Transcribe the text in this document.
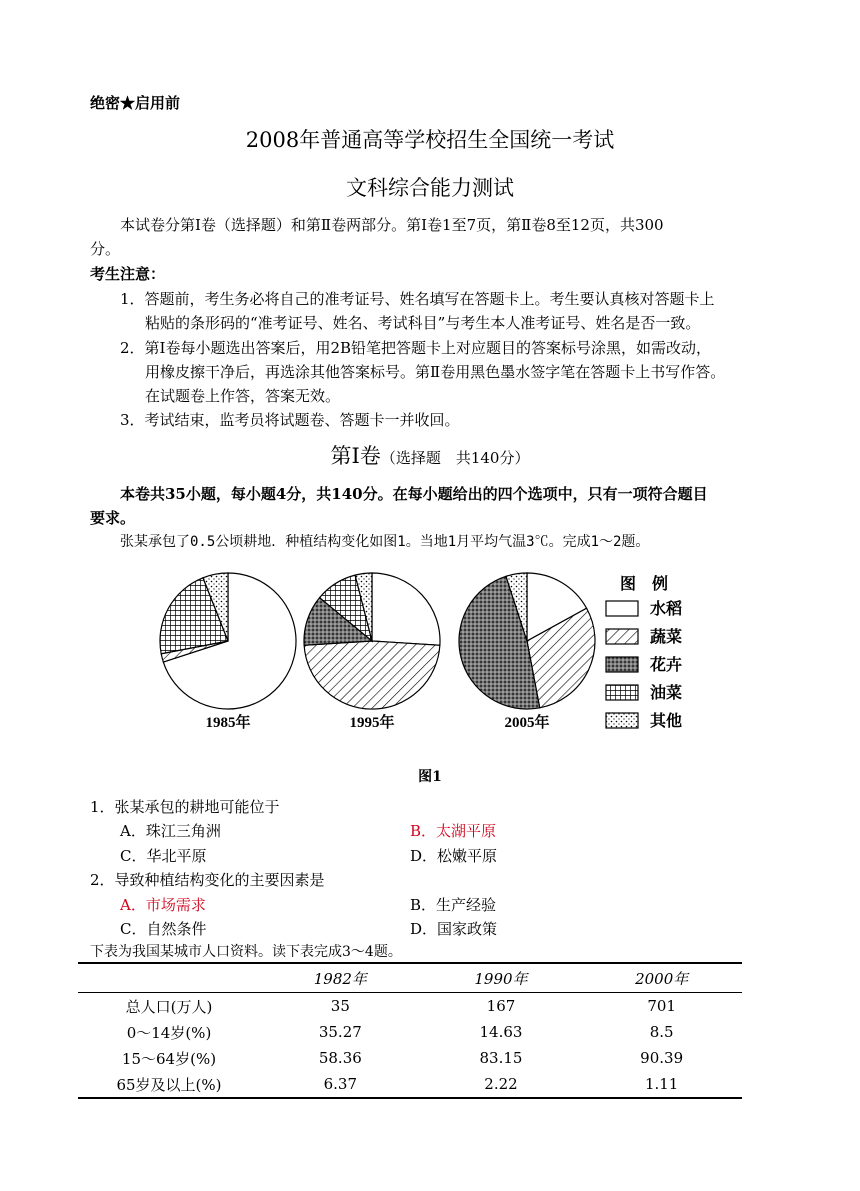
绝密★启用前
2008年普通高等学校招生全国统一考试
文科综合能力测试
本试卷分第Ⅰ卷（选择题）和第Ⅱ卷两部分。第Ⅰ卷1至7页，第Ⅱ卷8至12页，共300
分。
考生注意：
1．答题前，考生务必将自己的准考证号、姓名填写在答题卡上。考生要认真核对答题卡上
粘贴的条形码的“准考证号、姓名、考试科目”与考生本人准考证号、姓名是否一致。
2．第Ⅰ卷每小题选出答案后，用2B铅笔把答题卡上对应题目的答案标号涂黑，如需改动，
用橡皮擦干净后，再选涂其他答案标号。第Ⅱ卷用黑色墨水签字笔在答题卡上书写作答。
在试题卷上作答，答案无效。
3．考试结束，监考员将试题卷、答题卡一并收回。
第Ⅰ卷（选择题　共140分）
本卷共35小题，每小题4分，共140分。在每小题给出的四个选项中，只有一项符合题目
要求。
张某承包了0.5公顷耕地．种植结构变化如图1。当地1月平均气温3℃。完成1～2题。
1985年	1995年	2005年
图　例
水稻
蔬菜
花卉
油菜
其他
图1
1．张某承包的耕地可能位于
A．珠江三角洲	B．太湖平原
C．华北平原	D．松嫩平原
2．导致种植结构变化的主要因素是
A．市场需求	B．生产经验
C．自然条件	D．国家政策
下表为我国某城市人口资料。读下表完成3～4题。
	1982年	1990年	2000年
总人口(万人)	35	167	701
0～14岁(%)	35.27	14.63	8.5
15～64岁(%)	58.36	83.15	90.39
65岁及以上(%)	6.37	2.22	1.11
